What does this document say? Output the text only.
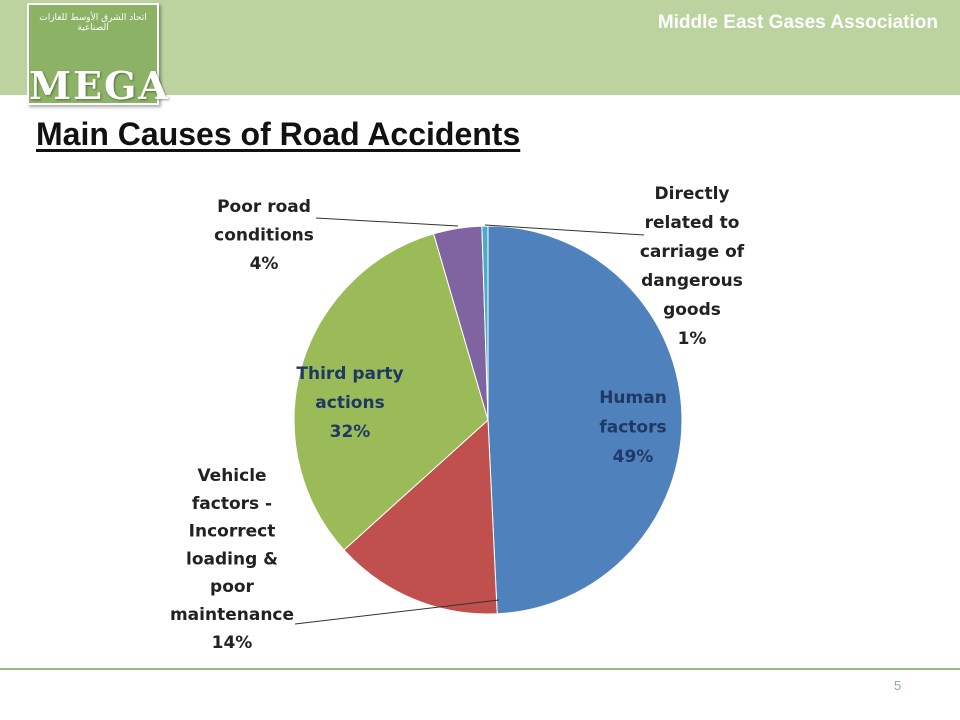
Middle East Gases Association
اتحاد الشرق الأوسط للغازات الصناعية
MEGA
Main Causes of Road Accidents
Human factors 49%
Vehicle factors -Incorrect loading & poor maintenance 14%
Third party actions 32%
Poor road conditions 4%
Directly related to carriage of dangerous goods 1%
5
